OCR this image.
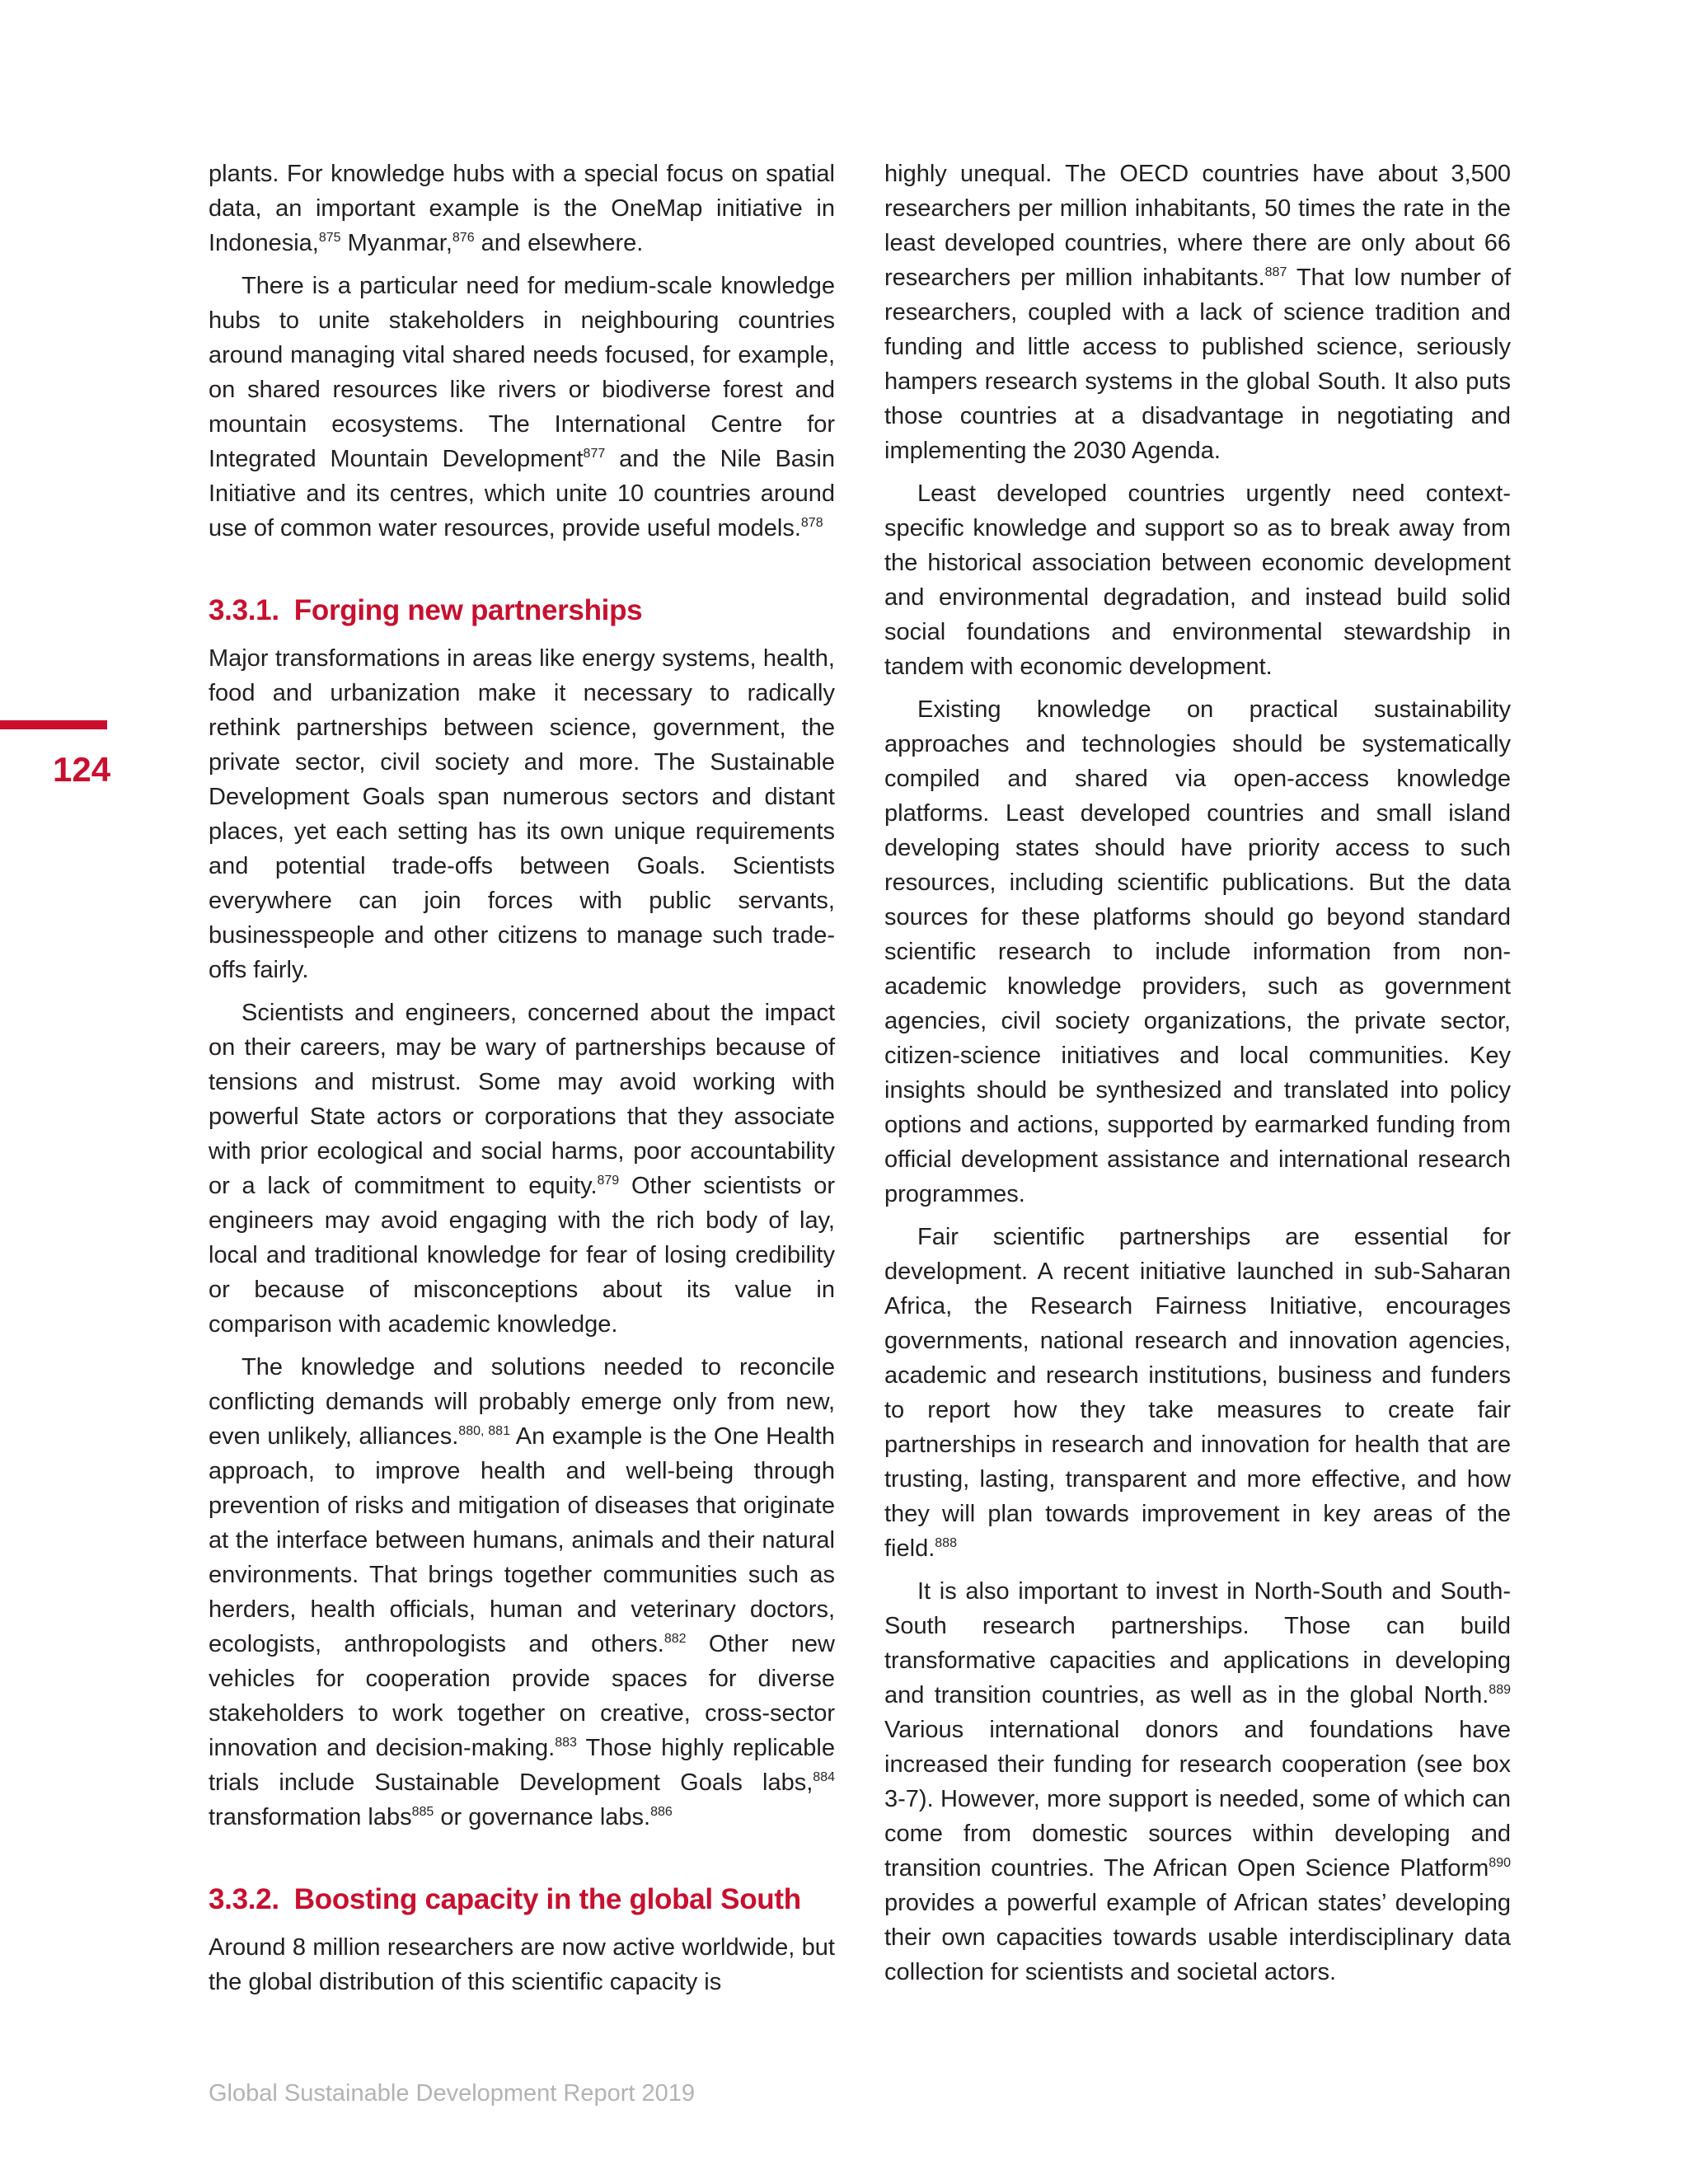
124

plants. For knowledge hubs with a special focus on spatial data, an important example is the OneMap initiative in Indonesia,$^{875}$ Myanmar,$^{876}$ and elsewhere.

There is a particular need for medium-scale knowledge hubs to unite stakeholders in neighbouring countries around managing vital shared needs focused, for example, on shared resources like rivers or biodiverse forest and mountain ecosystems. The International Centre for Integrated Mountain Development$^{877}$ and the Nile Basin Initiative and its centres, which unite 10 countries around use of common water resources, provide useful models.$^{878}$

3.3.1. Forging new partnerships

Major transformations in areas like energy systems, health, food and urbanization make it necessary to radically rethink partnerships between science, government, the private sector, civil society and more. The Sustainable Development Goals span numerous sectors and distant places, yet each setting has its own unique requirements and potential trade-offs between Goals. Scientists everywhere can join forces with public servants, businesspeople and other citizens to manage such trade-offs fairly.

Scientists and engineers, concerned about the impact on their careers, may be wary of partnerships because of tensions and mistrust. Some may avoid working with powerful State actors or corporations that they associate with prior ecological and social harms, poor accountability or a lack of commitment to equity.$^{879}$ Other scientists or engineers may avoid engaging with the rich body of lay, local and traditional knowledge for fear of losing credibility or because of misconceptions about its value in comparison with academic knowledge.

The knowledge and solutions needed to reconcile conflicting demands will probably emerge only from new, even unlikely, alliances.$^{880, 881}$ An example is the One Health approach, to improve health and well-being through prevention of risks and mitigation of diseases that originate at the interface between humans, animals and their natural environments. That brings together communities such as herders, health officials, human and veterinary doctors, ecologists, anthropologists and others.$^{882}$ Other new vehicles for cooperation provide spaces for diverse stakeholders to work together on creative, cross-sector innovation and decision-making.$^{883}$ Those highly replicable trials include Sustainable Development Goals labs,$^{884}$ transformation labs$^{885}$ or governance labs.$^{886}$

3.3.2. Boosting capacity in the global South

Around 8 million researchers are now active worldwide, but the global distribution of this scientific capacity is

highly unequal. The OECD countries have about 3,500 researchers per million inhabitants, 50 times the rate in the least developed countries, where there are only about 66 researchers per million inhabitants.$^{887}$ That low number of researchers, coupled with a lack of science tradition and funding and little access to published science, seriously hampers research systems in the global South. It also puts those countries at a disadvantage in negotiating and implementing the 2030 Agenda.

Least developed countries urgently need context-specific knowledge and support so as to break away from the historical association between economic development and environmental degradation, and instead build solid social foundations and environmental stewardship in tandem with economic development.

Existing knowledge on practical sustainability approaches and technologies should be systematically compiled and shared via open-access knowledge platforms. Least developed countries and small island developing states should have priority access to such resources, including scientific publications. But the data sources for these platforms should go beyond standard scientific research to include information from non-academic knowledge providers, such as government agencies, civil society organizations, the private sector, citizen-science initiatives and local communities. Key insights should be synthesized and translated into policy options and actions, supported by earmarked funding from official development assistance and international research programmes.

Fair scientific partnerships are essential for development. A recent initiative launched in sub-Saharan Africa, the Research Fairness Initiative, encourages governments, national research and innovation agencies, academic and research institutions, business and funders to report how they take measures to create fair partnerships in research and innovation for health that are trusting, lasting, transparent and more effective, and how they will plan towards improvement in key areas of the field.$^{888}$

It is also important to invest in North-South and South-South research partnerships. Those can build transformative capacities and applications in developing and transition countries, as well as in the global North.$^{889}$ Various international donors and foundations have increased their funding for research cooperation (see box 3-7). However, more support is needed, some of which can come from domestic sources within developing and transition countries. The African Open Science Platform$^{890}$ provides a powerful example of African states’ developing their own capacities towards usable interdisciplinary data collection for scientists and societal actors.

Global Sustainable Development Report 2019
